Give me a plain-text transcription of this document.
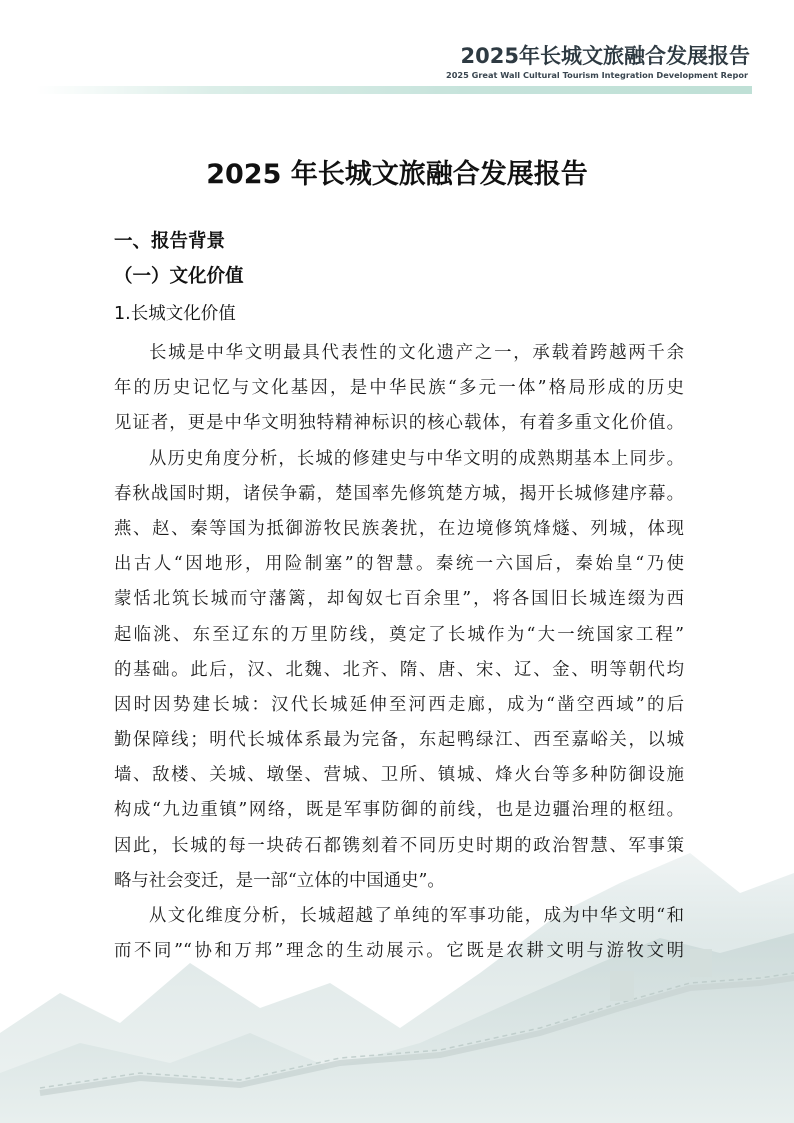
2025年长城文旅融合发展报告
2025 Great Wall Cultural Tourism Integration Development Repor
2025 年长城文旅融合发展报告
一、报告背景
（一）文化价值
1.长城文化价值
长城是中华文明最具代表性的文化遗产之一，承载着跨越两千余
年的历史记忆与文化基因，是中华民族“多元一体”格局形成的历史
见证者，更是中华文明独特精神标识的核心载体，有着多重文化价值。
从历史角度分析，长城的修建史与中华文明的成熟期基本上同步。
春秋战国时期，诸侯争霸，楚国率先修筑楚方城，揭开长城修建序幕。
燕、赵、秦等国为抵御游牧民族袭扰，在边境修筑烽燧、列城，体现
出古人“因地形，用险制塞”的智慧。秦统一六国后，秦始皇“乃使
蒙恬北筑长城而守藩篱，却匈奴七百余里”，将各国旧长城连缀为西
起临洮、东至辽东的万里防线，奠定了长城作为“大一统国家工程”
的基础。此后，汉、北魏、北齐、隋、唐、宋、辽、金、明等朝代均
因时因势建长城：汉代长城延伸至河西走廊，成为“凿空西域”的后
勤保障线；明代长城体系最为完备，东起鸭绿江、西至嘉峪关，以城
墙、敌楼、关城、墩堡、营城、卫所、镇城、烽火台等多种防御设施
构成“九边重镇”网络，既是军事防御的前线，也是边疆治理的枢纽。
因此，长城的每一块砖石都镌刻着不同历史时期的政治智慧、军事策
略与社会变迁，是一部“立体的中国通史”。
从文化维度分析，长城超越了单纯的军事功能，成为中华文明“和
而不同”“协和万邦”理念的生动展示。它既是农耕文明与游牧文明
